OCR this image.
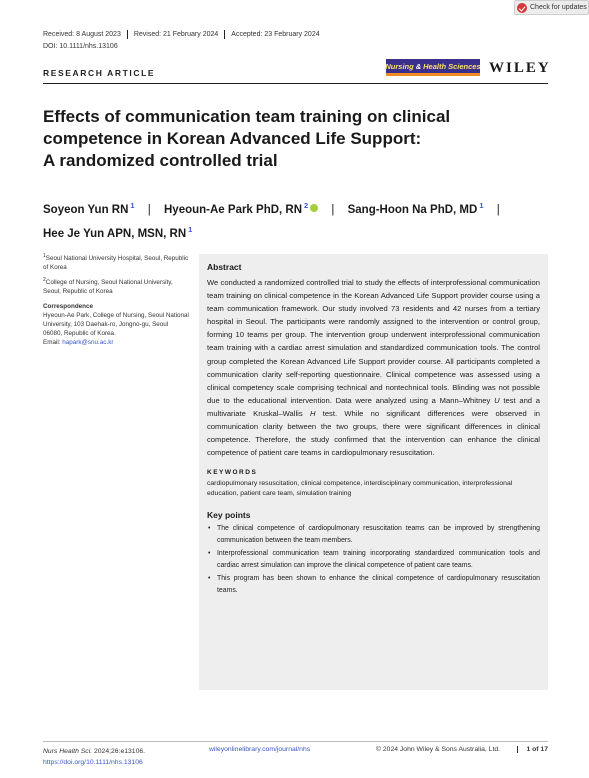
Check for updates
Received: 8 August 2023	Revised: 21 February 2024	Accepted: 23 February 2024
DOI: 10.1111/nhs.13106
RESEARCH ARTICLE
Nursing & Health Sciences WILEY
Effects of communication team training on clinical
competence in Korean Advanced Life Support:
A randomized controlled trial
Soyeon Yun RN $^1$ | Hyeoun-Ae Park PhD, RN $^2$ | Sang-Hoon Na PhD, MD $^1$ |
Hee Je Yun APN, MSN, RN $^1$
$^1$Seoul National University Hospital, Seoul, Republic of Korea
$^2$College of Nursing, Seoul National University, Seoul, Republic of Korea
Correspondence
Hyeoun-Ae Park, College of Nursing, Seoul National University, 103 Daehak-ro, Jongno-gu, Seoul 06080, Republic of Korea.
Email: hapark@snu.ac.kr
Abstract

We conducted a randomized controlled trial to study the effects of interprofessional communication team training on clinical competence in the Korean Advanced Life Support provider course using a team communication framework. Our study involved 73 residents and 42 nurses from a tertiary hospital in Seoul. The participants were randomly assigned to the intervention or control group, forming 10 teams per group. The intervention group underwent interprofessional communication team training with a cardiac arrest simulation and standardized communication tools. The control group completed the Korean Advanced Life Support provider course. All participants completed a communication clarity self-reporting questionnaire. Clinical competence was assessed using a clinical competency scale comprising technical and nontechnical tools. Blinding was not possible due to the educational intervention. Data were analyzed using a Mann–Whitney U test and a multivariate Kruskal–Wallis H test. While no significant differences were observed in communication clarity between the two groups, there were significant differences in clinical competence. Therefore, the study confirmed that the intervention can enhance the clinical competence of patient care teams in cardiopulmonary resuscitation.

KEYWORDS
cardiopulmonary resuscitation, clinical competence, interdisciplinary communication, interprofessional education, patient care team, simulation training
Key points
• The clinical competence of cardiopulmonary resuscitation teams can be improved by strengthening communication between the team members.
• Interprofessional communication team training incorporating standardized communication tools and cardiac arrest simulation can improve the clinical competence of patient care teams.
• This program has been shown to enhance the clinical competence of cardiopulmonary resuscitation teams.
Nurs Health Sci. 2024;26:e13106.
https://doi.org/10.1111/nhs.13106
wileyonlinelibrary.com/journal/nhs	© 2024 John Wiley & Sons Australia, Ltd.	1 of 17
